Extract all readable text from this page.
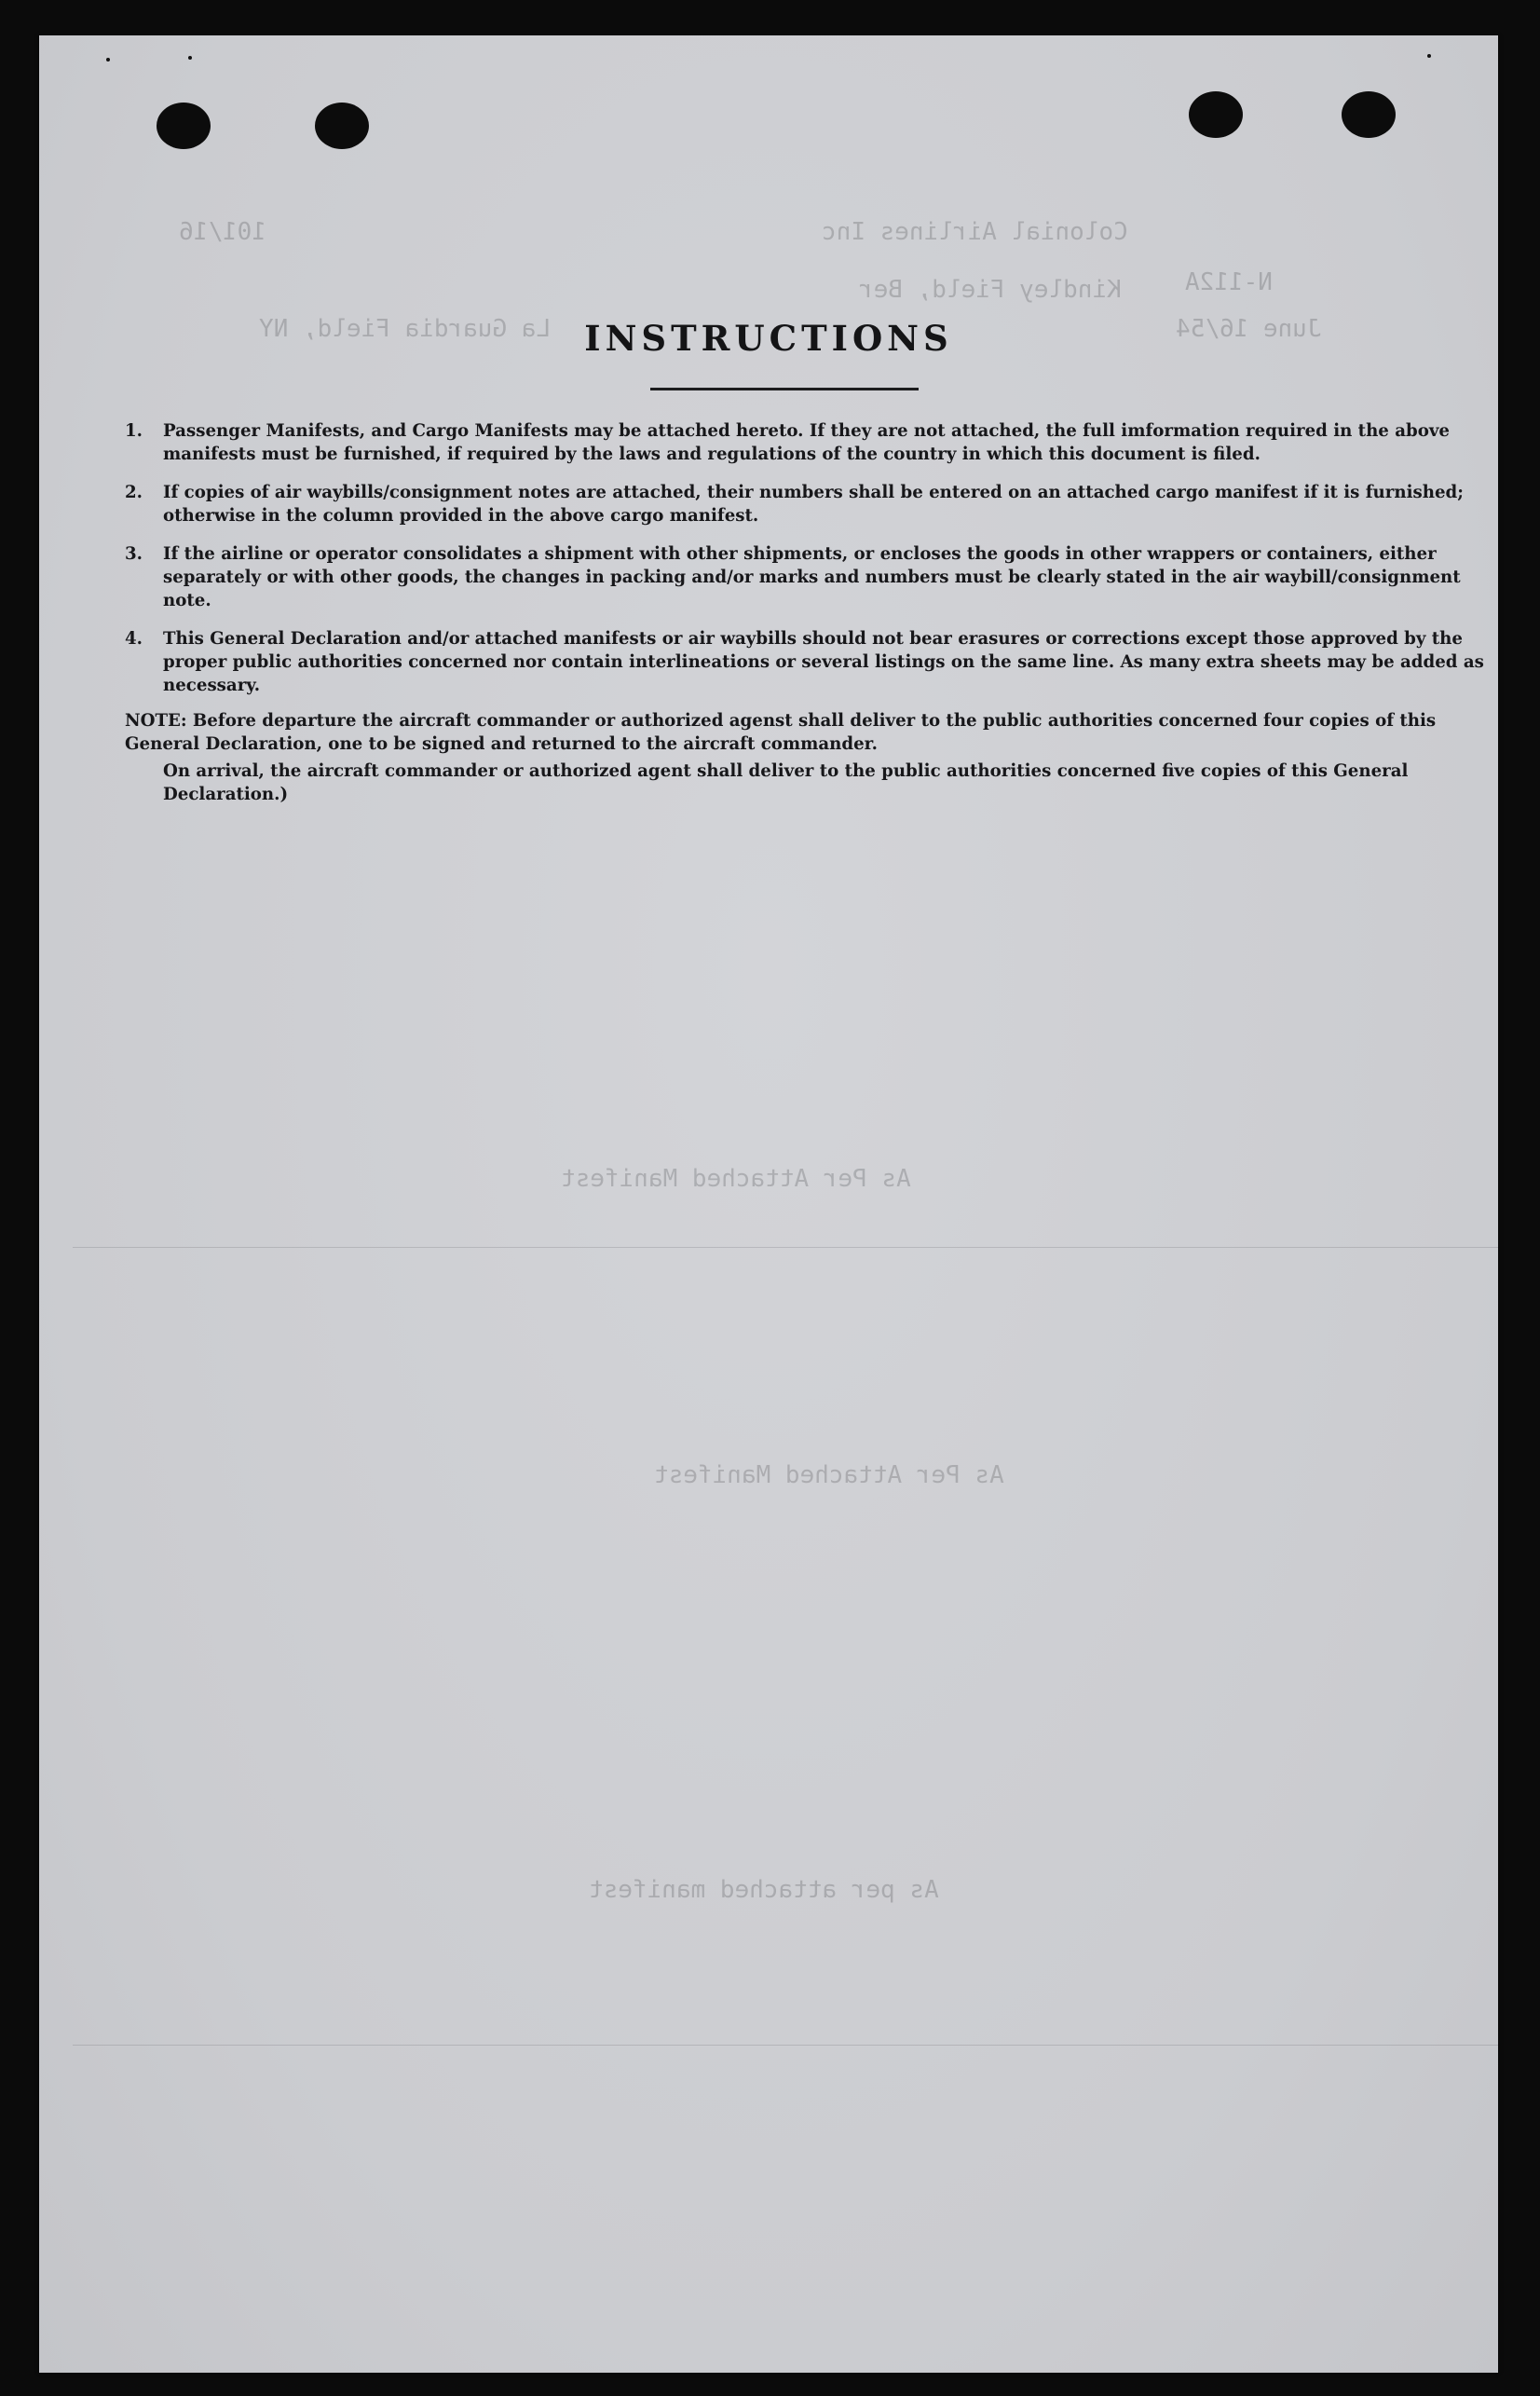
Colonial Airlines Inc
101/16
N-112A
Kindley Field, Ber
La Guardia Field, NY	June 16/54
As Per Attached Manifest
As Per Attached Manifest
As per attached manifest
INSTRUCTIONS
1. Passenger Manifests, and Cargo Manifests may be attached hereto. If they are not attached, the full imformation required in the above manifests must be furnished, if required by the laws and regulations of the country in which this document is filed.
2. If copies of air waybills/consignment notes are attached, their numbers shall be entered on an attached cargo manifest if it is furnished; otherwise in the column provided in the above cargo manifest.
3. If the airline or operator consolidates a shipment with other shipments, or encloses the goods in other wrappers or containers, either separately or with other goods, the changes in packing and/or marks and numbers must be clearly stated in the air waybill/consignment note.
4. This General Declaration and/or attached manifests or air waybills should not bear erasures or corrections except those approved by the proper public authorities concerned nor contain interlineations or several listings on the same line. As many extra sheets may be added as necessary.
NOTE: Before departure the aircraft commander or authorized agenst shall deliver to the public authorities concerned four copies of this General Declaration, one to be signed and returned to the aircraft commander.
On arrival, the aircraft commander or authorized agent shall deliver to the public authorities concerned five copies of this General Declaration.)
